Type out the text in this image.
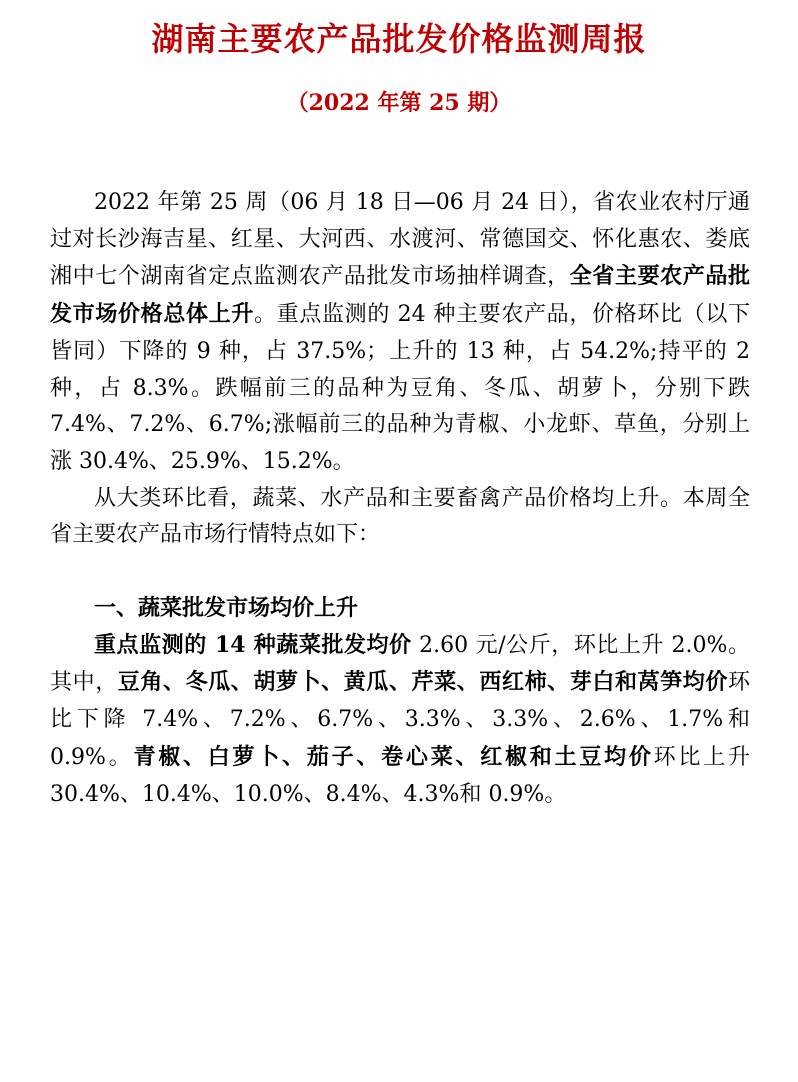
湖南主要农产品批发价格监测周报
（2022 年第 25 期）

2022 年第 25 周（06 月 18 日—06 月 24 日），省农业农村厅通过对长沙海吉星、红星、大河西、水渡河、常德国交、怀化惠农、娄底湘中七个湖南省定点监测农产品批发市场抽样调查，全省主要农产品批发市场价格总体上升。重点监测的 24 种主要农产品，价格环比（以下皆同）下降的 9 种，占 37.5%；上升的 13 种，占 54.2%;持平的 2 种，占 8.3%。跌幅前三的品种为豆角、冬瓜、胡萝卜，分别下跌 7.4%、7.2%、6.7%;涨幅前三的品种为青椒、小龙虾、草鱼，分别上涨 30.4%、25.9%、15.2%。

从大类环比看，蔬菜、水产品和主要畜禽产品价格均上升。本周全省主要农产品市场行情特点如下：

一、蔬菜批发市场均价上升

重点监测的 14 种蔬菜批发均价 2.60 元/公斤，环比上升 2.0%。其中，豆角、冬瓜、胡萝卜、黄瓜、芹菜、西红柿、芽白和莴笋均价环比下降 7.4%、7.2%、6.7%、3.3%、3.3%、2.6%、1.7%和 0.9%。青椒、白萝卜、茄子、卷心菜、红椒和土豆均价环比上升 30.4%、10.4%、10.0%、8.4%、4.3%和 0.9%。
